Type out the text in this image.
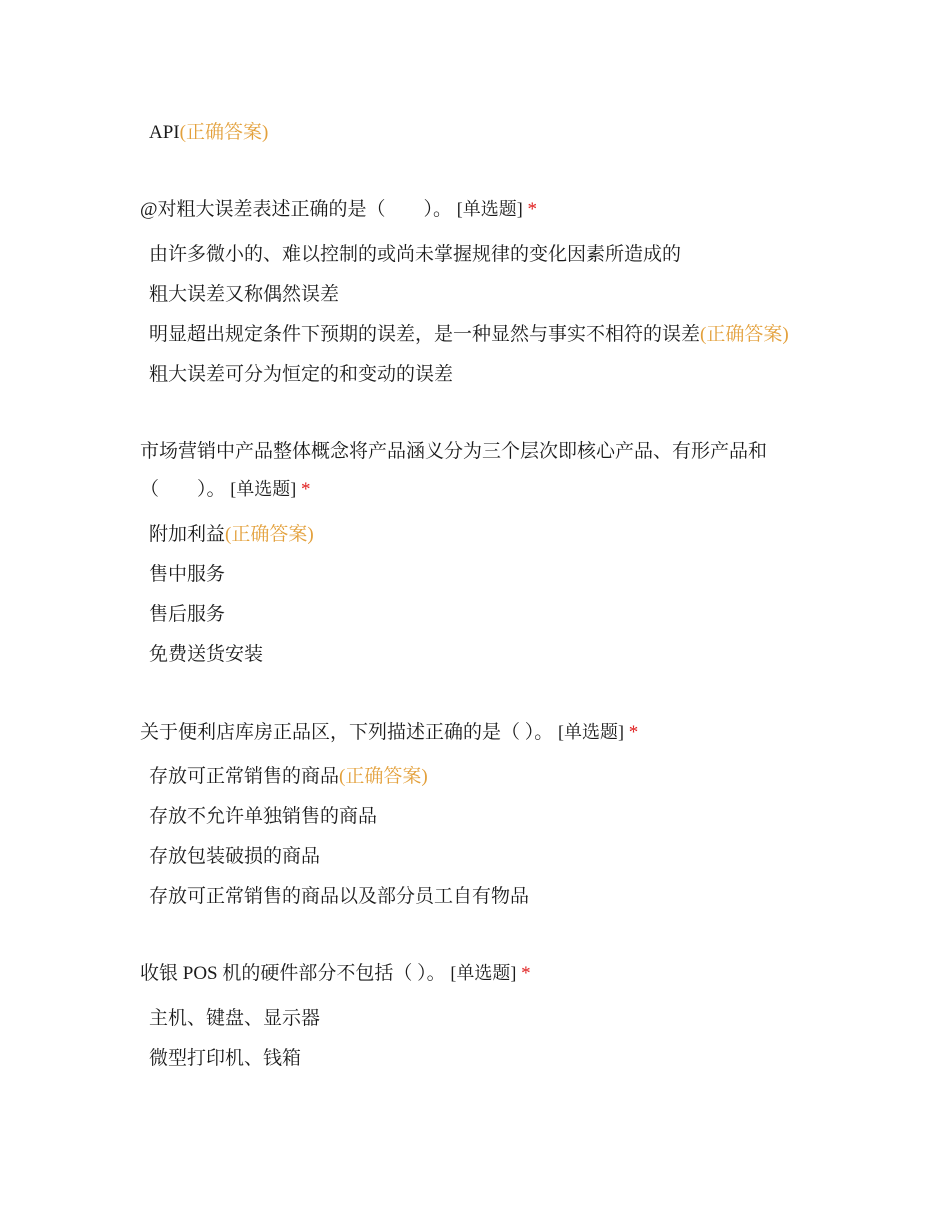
API(正确答案)
@对粗大误差表述正确的是（　　）。 [单选题] *
由许多微小的、难以控制的或尚未掌握规律的变化因素所造成的
粗大误差又称偶然误差
明显超出规定条件下预期的误差，是一种显然与事实不相符的误差(正确答案)
粗大误差可分为恒定的和变动的误差
市场营销中产品整体概念将产品涵义分为三个层次即核心产品、有形产品和
（　　）。 [单选题] *
附加利益(正确答案)
售中服务
售后服务
免费送货安装
关于便利店库房正品区，下列描述正确的是（ ）。 [单选题] *
存放可正常销售的商品(正确答案)
存放不允许单独销售的商品
存放包装破损的商品
存放可正常销售的商品以及部分员工自有物品
收银 POS 机的硬件部分不包括（ ）。 [单选题] *
主机、键盘、显示器
微型打印机、钱箱
